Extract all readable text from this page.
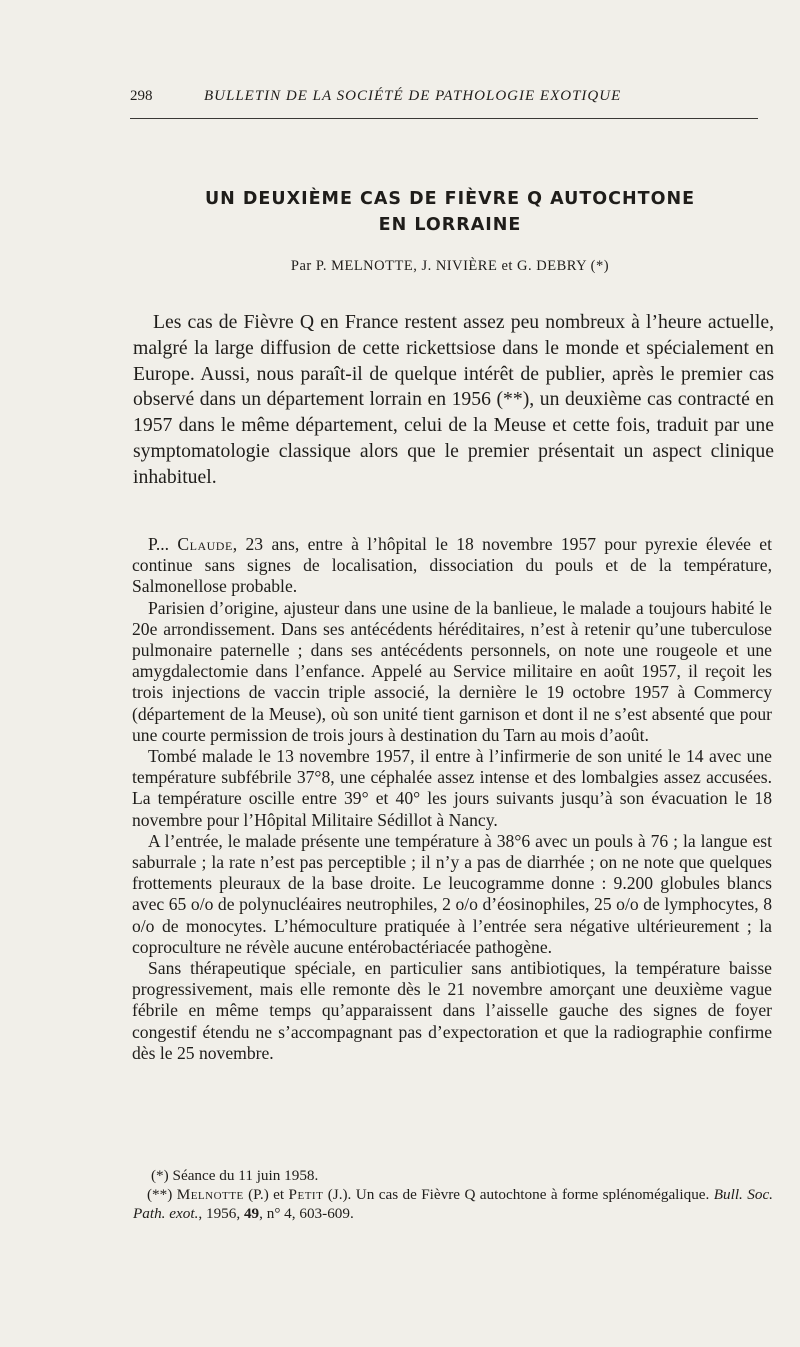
298	BULLETIN DE LA SOCIÉTÉ DE PATHOLOGIE EXOTIQUE
UN DEUXIÈME CAS DE FIÈVRE Q AUTOCHTONE
EN LORRAINE
Par P. MELNOTTE, J. NIVIÈRE et G. DEBRY (*)

Les cas de Fièvre Q en France restent assez peu nombreux à l’heure actuelle, malgré la large diffusion de cette rickettsiose dans le monde et spécialement en Europe. Aussi, nous paraît-il de quelque intérêt de publier, après le premier cas observé dans un département lorrain en 1956 (**), un deuxième cas contracté en 1957 dans le même département, celui de la Meuse et cette fois, traduit par une symptomatologie classique alors que le premier présentait un aspect clinique inhabituel.

P... Claude, 23 ans, entre à l’hôpital le 18 novembre 1957 pour pyrexie élevée et continue sans signes de localisation, dissociation du pouls et de la température, Salmonellose probable.

Parisien d’origine, ajusteur dans une usine de la banlieue, le malade a toujours habité le 20e arrondissement. Dans ses antécédents héréditaires, n’est à retenir qu’une tuberculose pulmonaire paternelle ; dans ses antécédents personnels, on note une rougeole et une amygdalectomie dans l’enfance. Appelé au Service militaire en août 1957, il reçoit les trois injections de vaccin triple associé, la dernière le 19 octobre 1957 à Commercy (département de la Meuse), où son unité tient garnison et dont il ne s’est absenté que pour une courte permission de trois jours à destination du Tarn au mois d’août.

Tombé malade le 13 novembre 1957, il entre à l’infirmerie de son unité le 14 avec une température subfébrile 37°8, une céphalée assez intense et des lombalgies assez accusées. La température oscille entre 39° et 40° les jours suivants jusqu’à son évacuation le 18 novembre pour l’Hôpital Militaire Sédillot à Nancy.

A l’entrée, le malade présente une température à 38°6 avec un pouls à 76 ; la langue est saburrale ; la rate n’est pas perceptible ; il n’y a pas de diarrhée ; on ne note que quelques frottements pleuraux de la base droite. Le leucogramme donne : 9.200 globules blancs avec 65 o/o de polynucléaires neutrophiles, 2 o/o d’éosinophiles, 25 o/o de lymphocytes, 8 o/o de monocytes. L’hémoculture pratiquée à l’entrée sera négative ultérieurement ; la coproculture ne révèle aucune entérobactériacée pathogène.

Sans thérapeutique spéciale, en particulier sans antibiotiques, la température baisse progressivement, mais elle remonte dès le 21 novembre amorçant une deuxième vague fébrile en même temps qu’apparaissent dans l’aisselle gauche des signes de foyer congestif étendu ne s’accompagnant pas d’expectoration et que la radiographie confirme dès le 25 novembre.

(*) Séance du 11 juin 1958.

(**) Melnotte (P.) et Petit (J.). Un cas de Fièvre Q autochtone à forme splénomégalique. Bull. Soc. Path. exot., 1956, 49, n° 4, 603-609.
